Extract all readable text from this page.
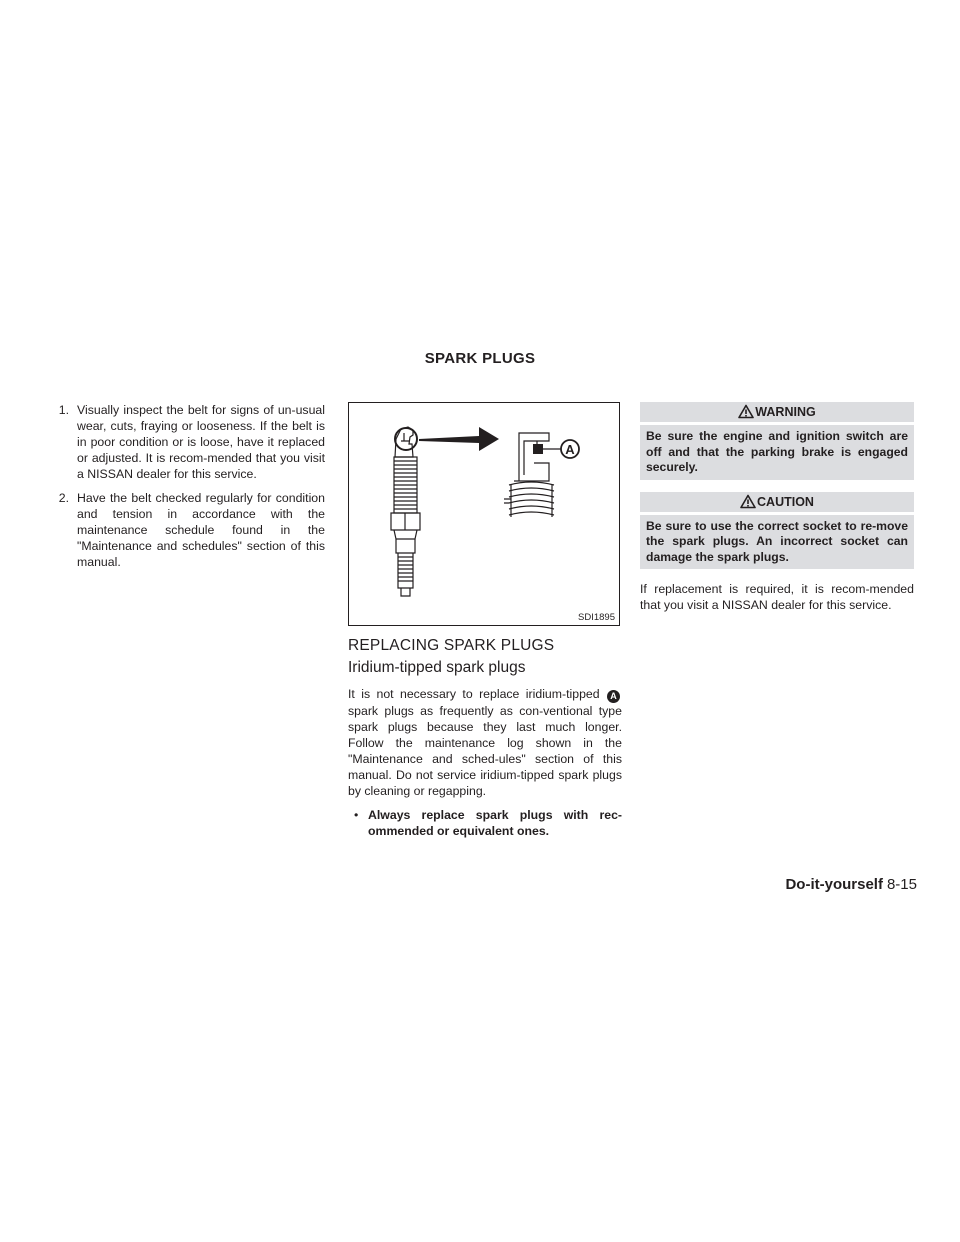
SPARK PLUGS
1. Visually inspect the belt for signs of un-usual wear, cuts, fraying or looseness. If the belt is in poor condition or is loose, have it replaced or adjusted. It is recom-mended that you visit a NISSAN dealer for this service.
2. Have the belt checked regularly for condition and tension in accordance with the maintenance schedule found in the "Maintenance and schedules" section of this manual.
A
SDI1895
REPLACING SPARK PLUGS
Iridium-tipped spark plugs

It is not necessary to replace iridium-tipped A spark plugs as frequently as con-ventional type spark plugs because they last much longer. Follow the maintenance log shown in the "Maintenance and sched-ules" section of this manual. Do not service iridium-tipped spark plugs by cleaning or regapping.

• Always replace spark plugs with rec-ommended or equivalent ones.
WARNING
Be sure the engine and ignition switch are off and that the parking brake is engaged securely.
CAUTION
Be sure to use the correct socket to re-move the spark plugs. An incorrect socket can damage the spark plugs.

If replacement is required, it is recom-mended that you visit a NISSAN dealer for this service.

Do-it-yourself 8-15
